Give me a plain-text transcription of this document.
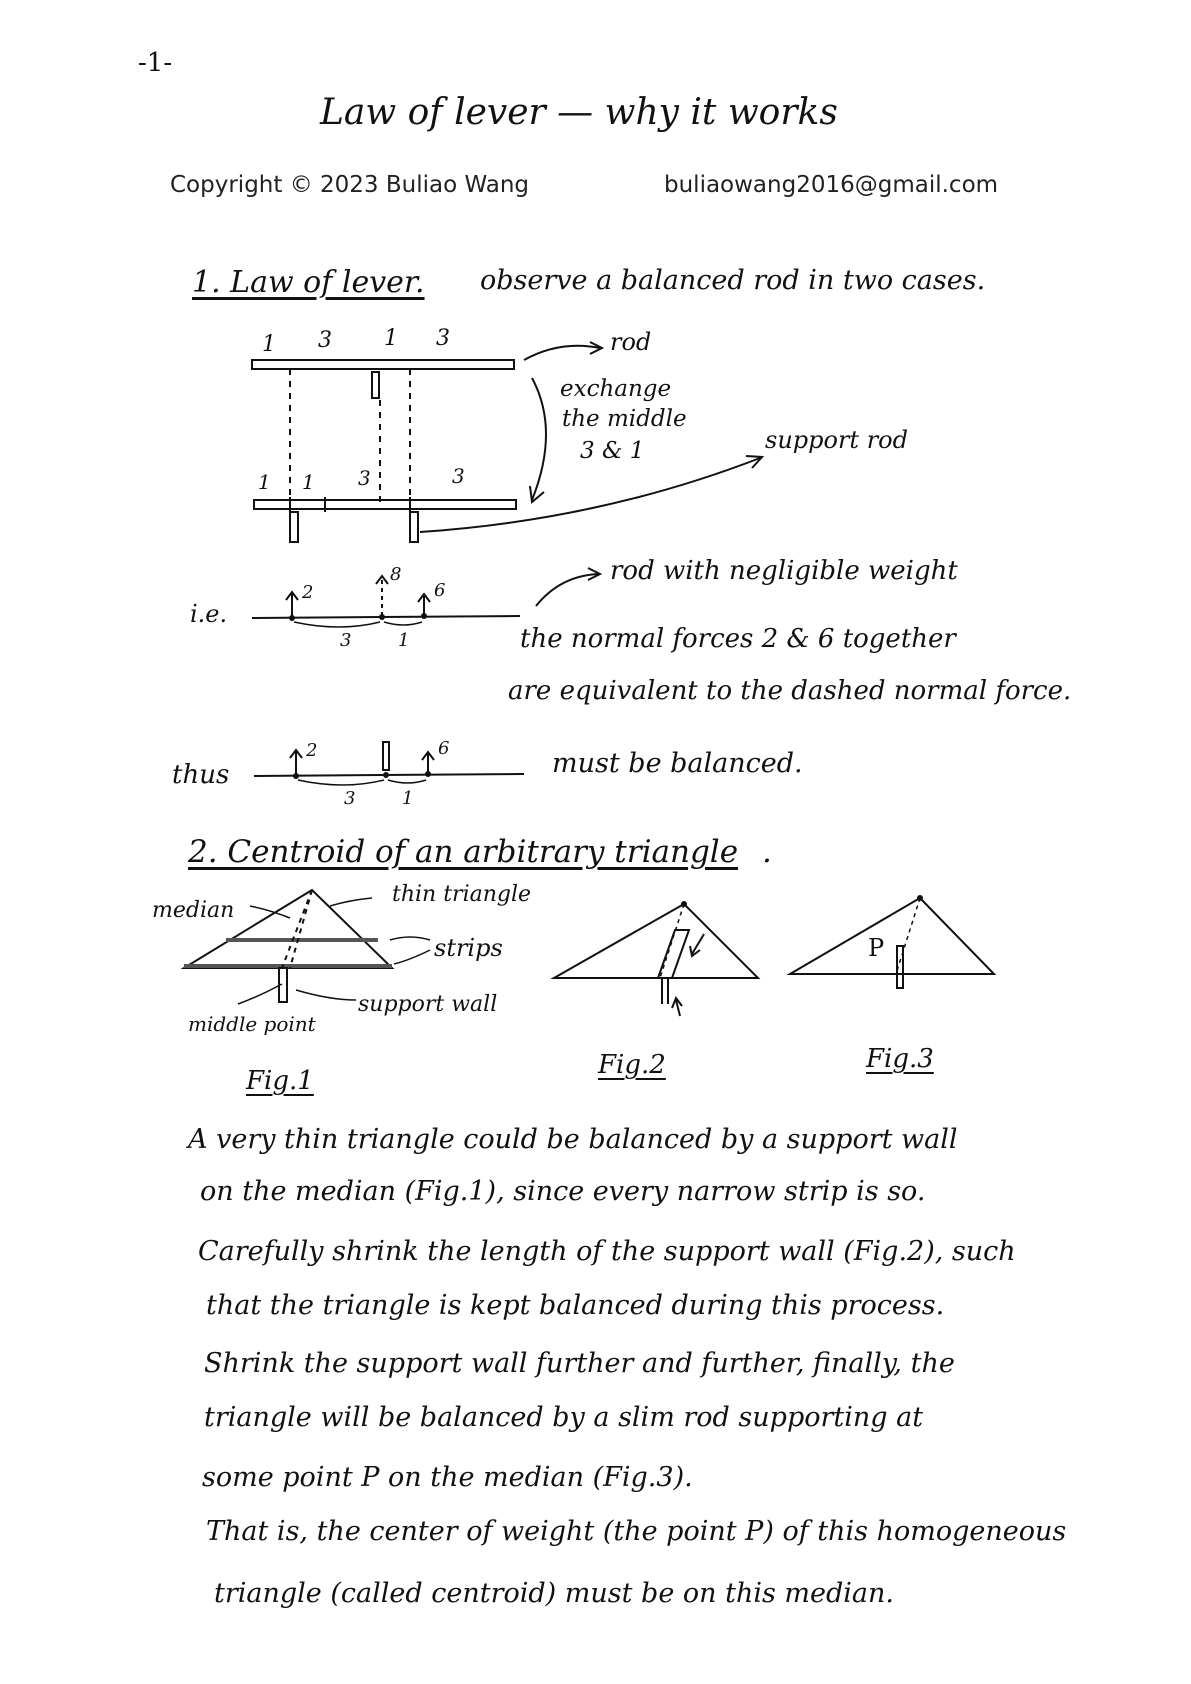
-1-
Law of lever — why it works
Copyright © 2023 Buliao Wang	buliaowang2016@gmail.com
1. Law of lever. observe a balanced rod in two cases.
1 3 1 3
1 1 3	3
rod
exchange
the middle
3 & 1	support rod
i.e.
2
8
6
3	1
rod with negligible weight
the normal forces 2 & 6 together
are equivalent to the dashed normal force.
thus
2	6
3	1
must be balanced.
2. Centroid of an arbitrary triangle .
median
thin triangle
strips
support wall
middle point
P
Fig.1
Fig.2	Fig.3
A very thin triangle could be balanced by a support wall
on the median (Fig.1), since every narrow strip is so.
Carefully shrink the length of the support wall (Fig.2), such
that the triangle is kept balanced during this process.
Shrink the support wall further and further, finally, the
triangle will be balanced by a slim rod supporting at
some point P on the median (Fig.3).
That is, the center of weight (the point P) of this homogeneous
triangle (called centroid) must be on this median.
